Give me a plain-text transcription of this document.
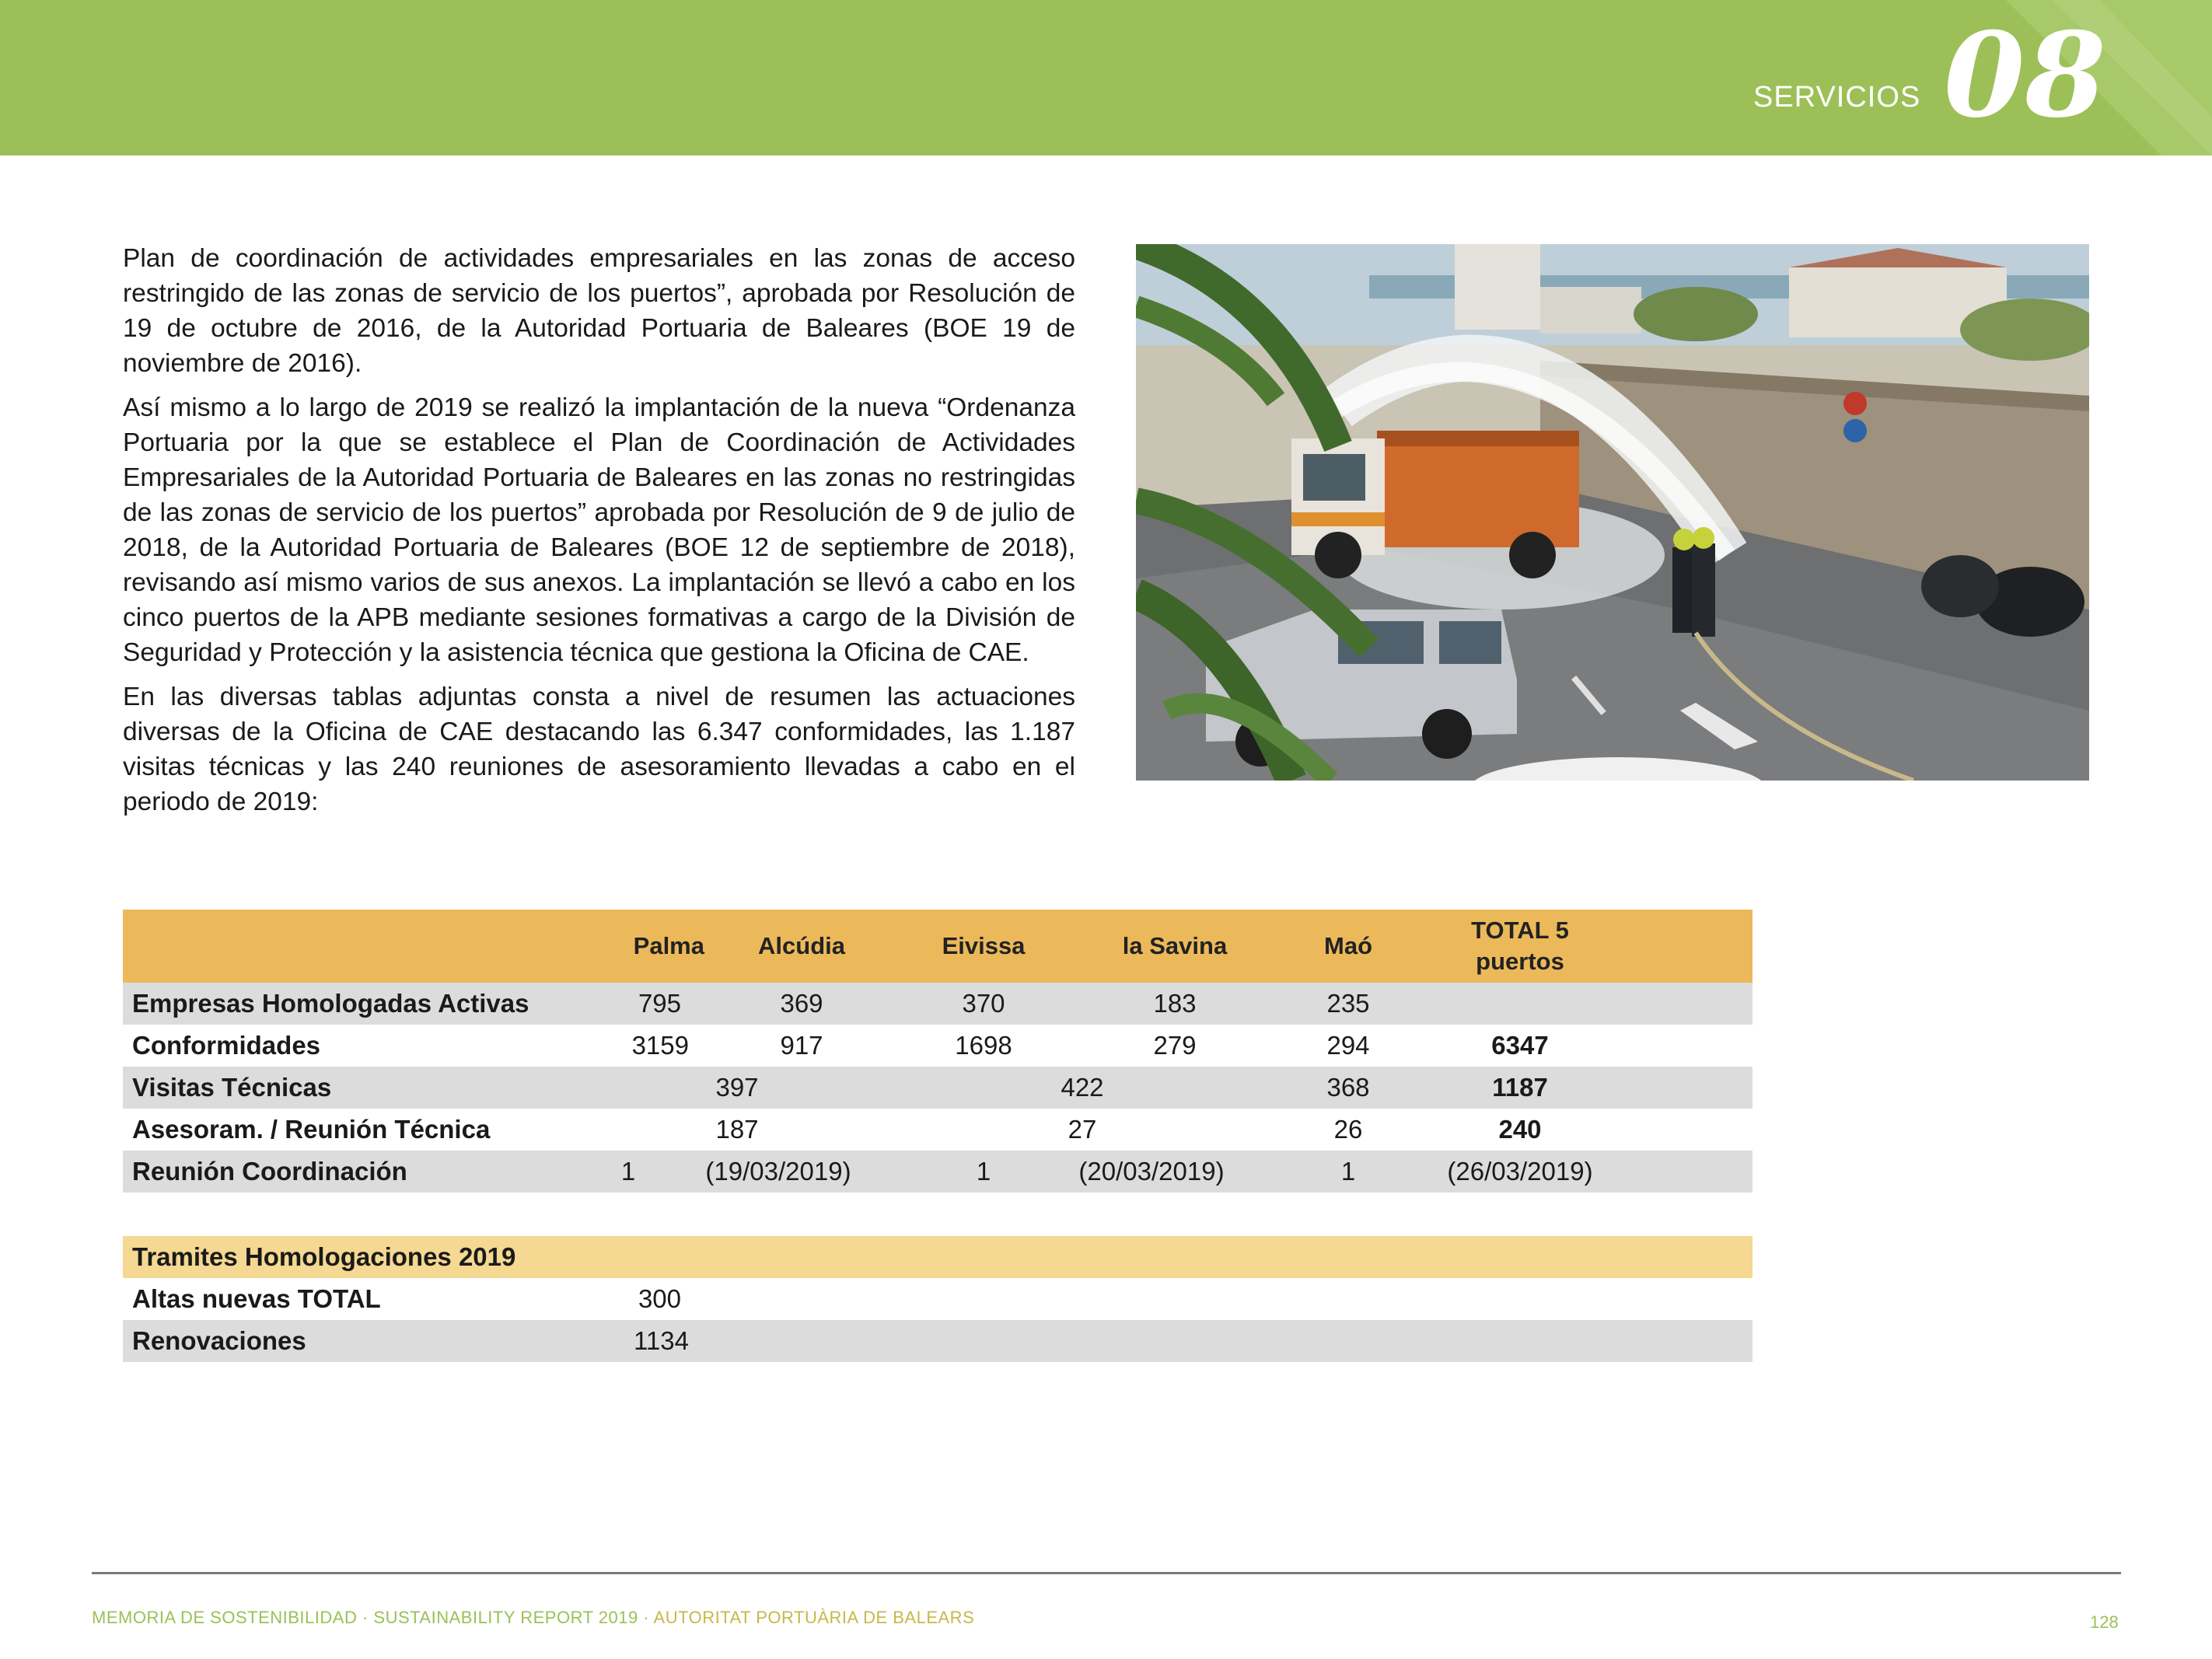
SERVICIOS 08

Plan de coordinación de actividades empresariales en las zonas de acceso restringido de las zonas de servicio de los puertos”, aprobada por Resolución de 19 de octubre de 2016, de la Autoridad Portuaria de Baleares (BOE 19 de noviembre de 2016).

Así mismo a lo largo de 2019 se realizó la implantación de la nueva “Ordenanza Portuaria por la que se establece el Plan de Coordinación de Actividades Empresariales de la Autoridad Portuaria de Baleares en las zonas no restringidas de las zonas de servicio de los puertos” aprobada por Resolución de 9 de julio de 2018, de la Autoridad Portuaria de Baleares (BOE 12 de septiembre de 2018), revisando así mismo varios de sus anexos. La implantación se llevó a cabo en los cinco puertos de la APB mediante sesiones formativas a cargo de la División de Seguridad y Protección y la asistencia técnica que gestiona la Oficina de CAE.

En las diversas tablas adjuntas consta a nivel de resumen las actuaciones diversas de la Oficina de CAE destacando las 6.347 conformidades, las 1.187 visitas técnicas y las 240 reuniones de asesoramiento llevadas a cabo en el periodo de 2019:

	Palma	Alcúdia	Eivissa	la Savina	Maó	TOTAL 5 puertos	
Empresas Homologadas Activas	795	369	370	183	235		
Conformidades	3159	917	1698	279	294	6347	
Visitas Técnicas	397		422		368	1187	
Asesoram. / Reunión Técnica	187		27		26	240	
Reunión Coordinación	1	(19/03/2019)	1	(20/03/2019)	1	(26/03/2019)	
Tramites Homologaciones 2019		
Altas nuevas TOTAL	300	
Renovaciones	1134	
MEMORIA DE SOSTENIBILIDAD · SUSTAINABILITY REPORT 2019 · AUTORITAT PORTUÀRIA DE BALEARS	128
